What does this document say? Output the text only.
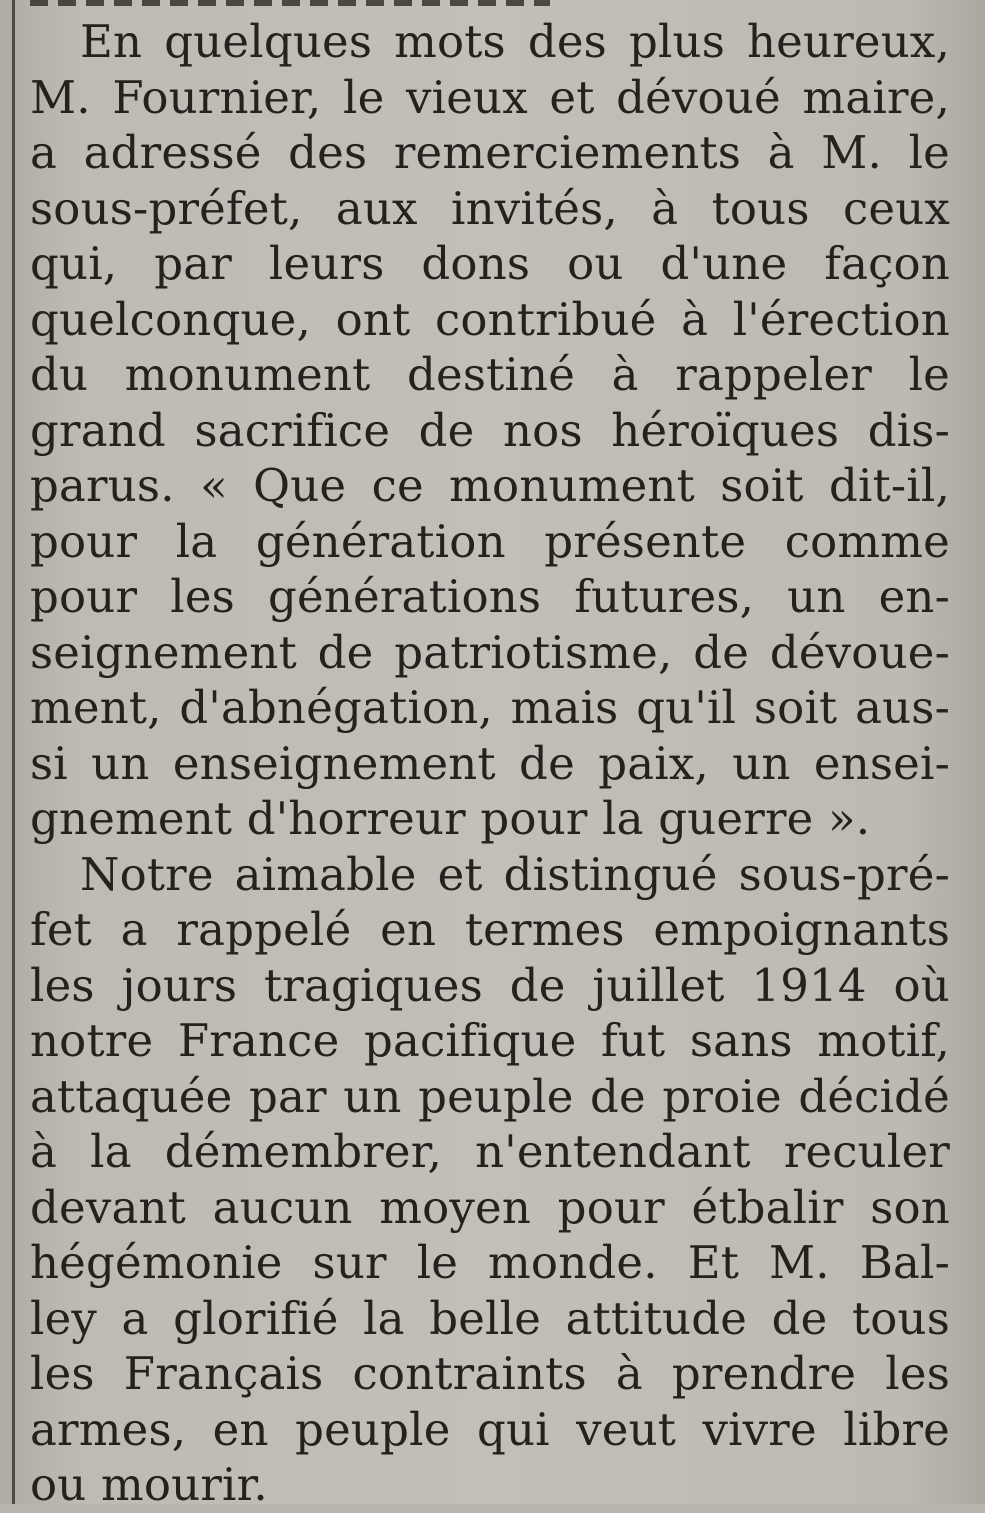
En quelques mots des plus heureux,
M. Fournier, le vieux et dévoué maire,
a adressé des remerciements à M. le
sous-préfet, aux invités, à tous ceux
qui, par leurs dons ou d'une façon
quelconque, ont contribué à l'érection
du monument destiné à rappeler le
grand sacrifice de nos héroïques dis-
parus. « Que ce monument soit dit-il,
pour la génération présente comme
pour les générations futures, un en-
seignement de patriotisme, de dévoue-
ment, d'abnégation, mais qu'il soit aus-
si un enseignement de paix, un ensei-
gnement d'horreur pour la guerre ».
Notre aimable et distingué sous-pré-
fet a rappelé en termes empoignants
les jours tragiques de juillet 1914 où
notre France pacifique fut sans motif,
attaquée par un peuple de proie décidé
à la démembrer, n'entendant reculer
devant aucun moyen pour étbalir son
hégémonie sur le monde. Et M. Bal-
ley a glorifié la belle attitude de tous
les Français contraints à prendre les
armes, en peuple qui veut vivre libre
ou mourir.
